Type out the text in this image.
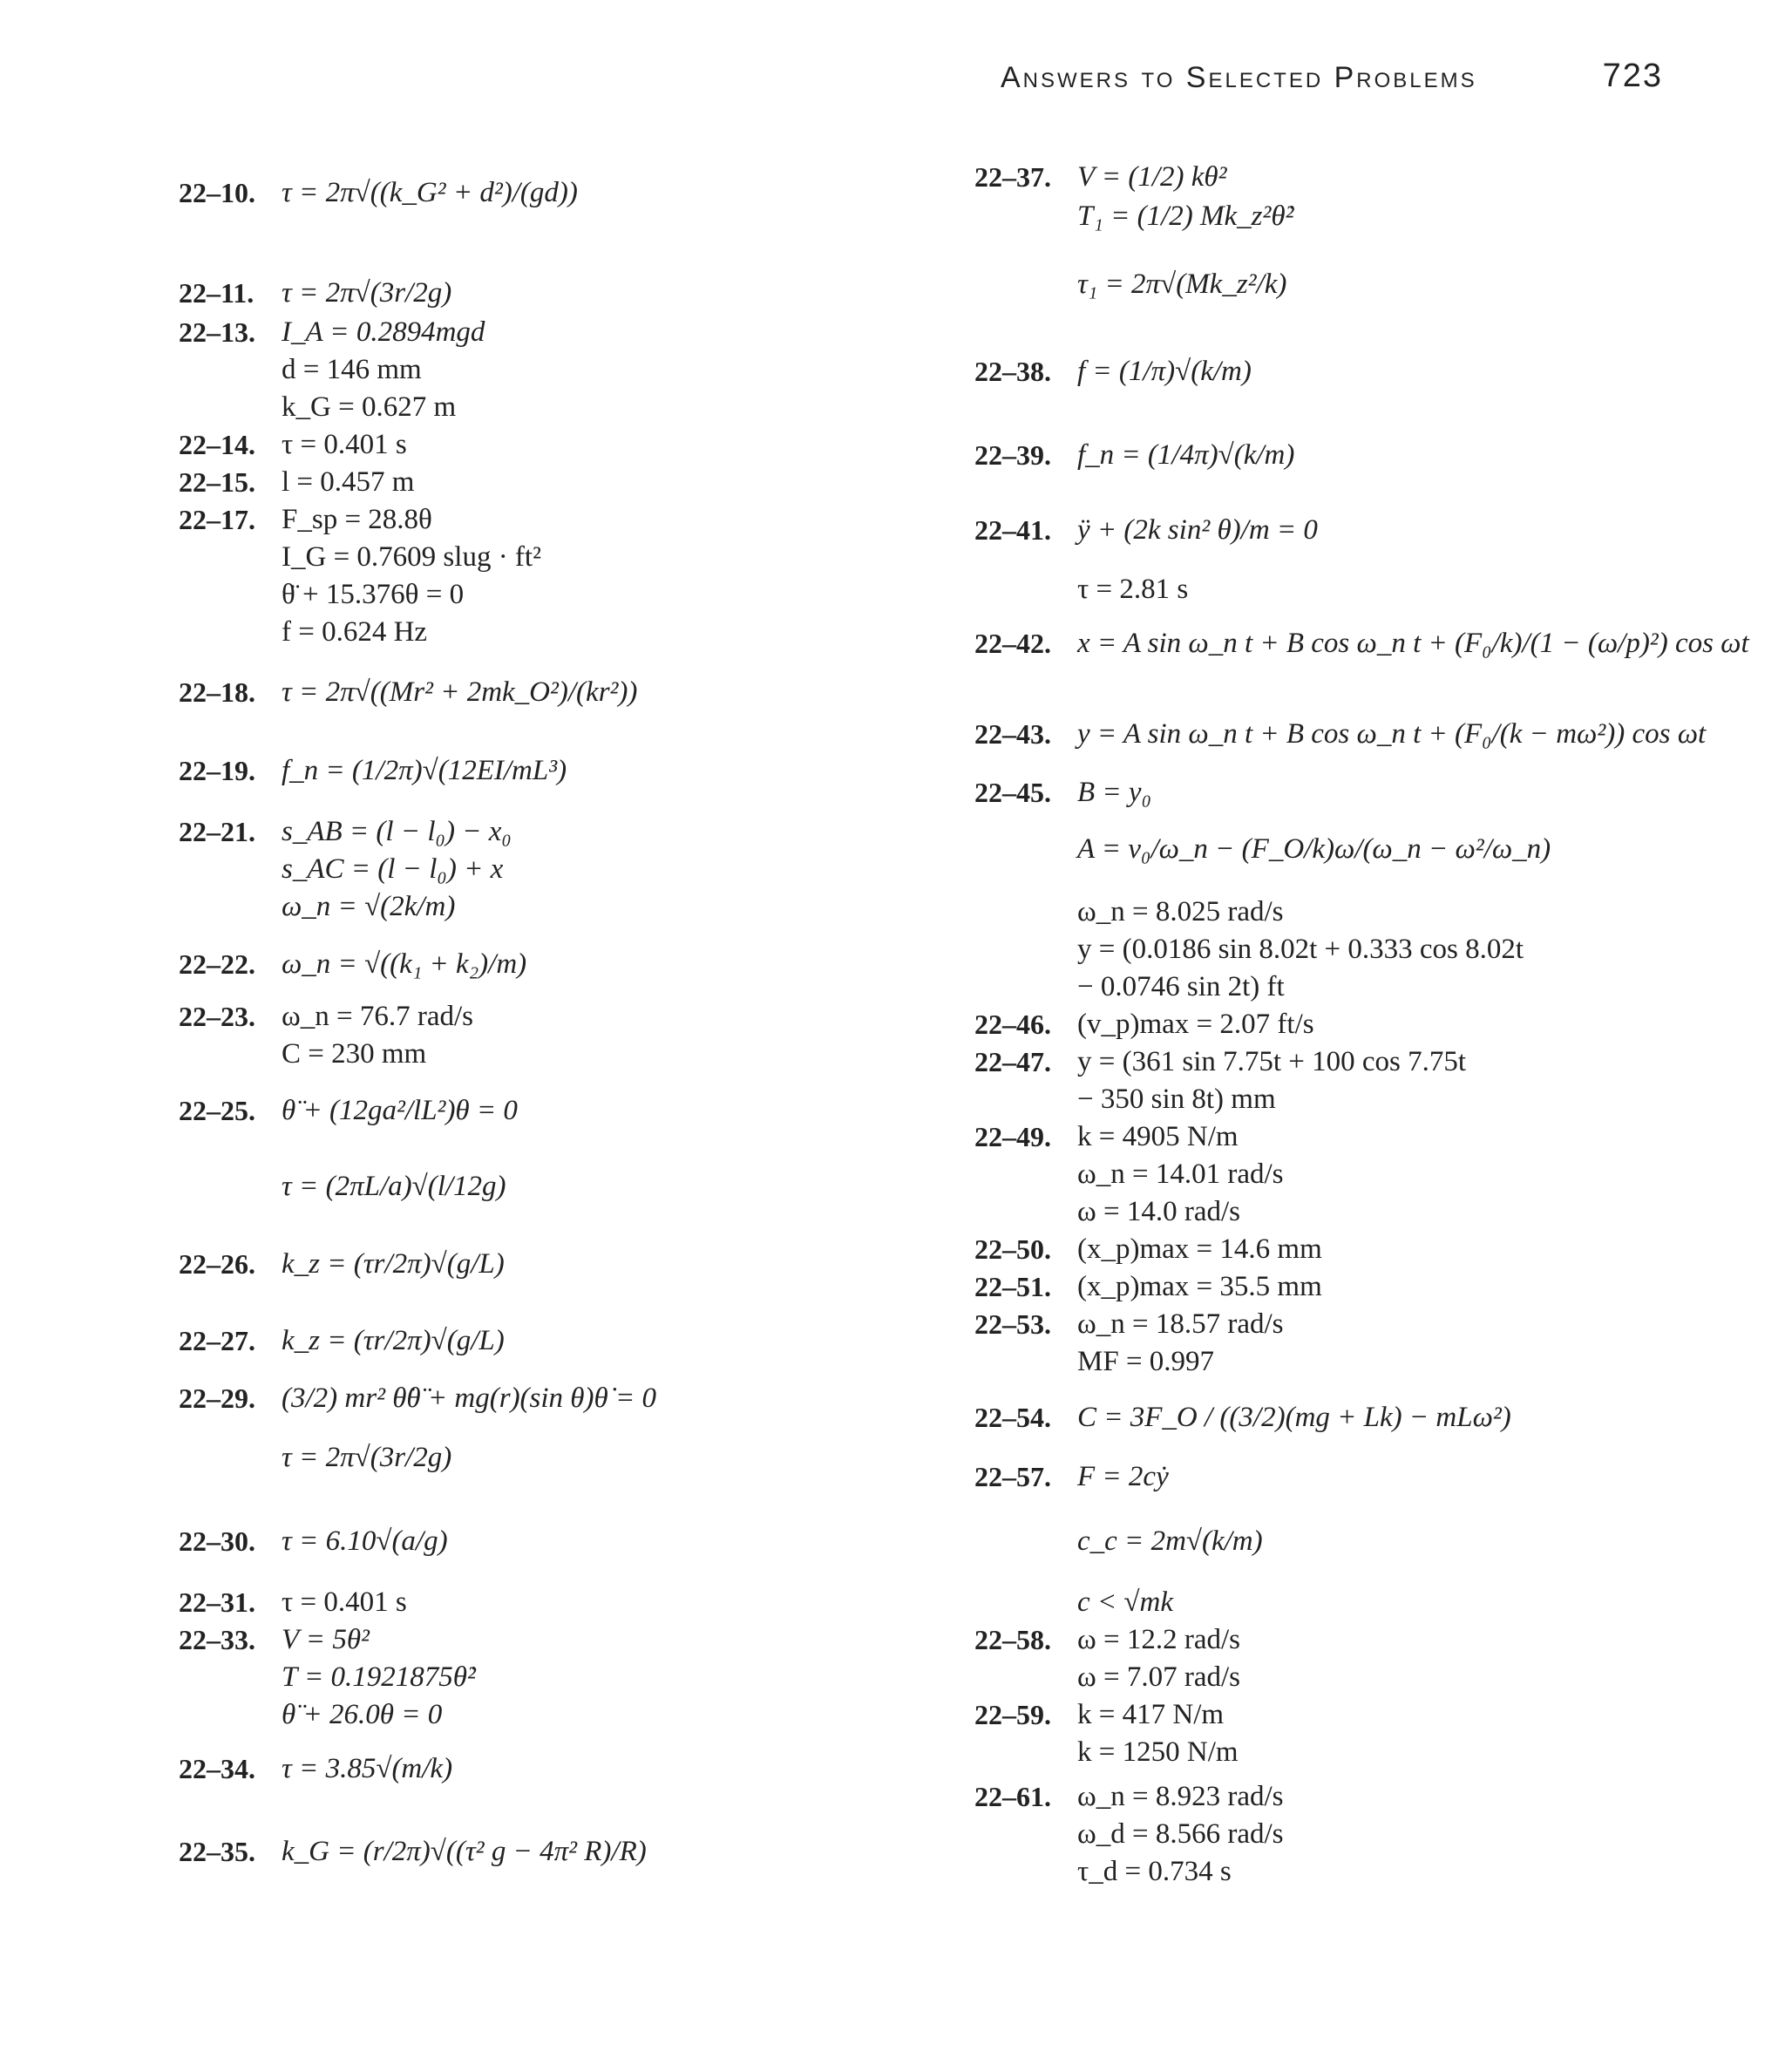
Answers to Selected Problems	723
22–10. τ = 2π√((k_G² + d²)/(gd))
22–11. τ = 2π√(3r/2g)
22–13. I_A = 0.2894mgd
d = 146 mm
k_G = 0.627 m
22–14. τ = 0.401 s
22–15. l = 0.457 m
22–17. F_sp = 28.8θ
I_G = 0.7609 slug · ft²
θ̈ + 15.376θ = 0
f = 0.624 Hz
22–18. τ = 2π√((Mr² + 2mk_O²)/(kr²))
22–19. f_n = (1/2π)√(12EI/mL³)
22–21. s_AB = (l − l₀) − x₀
s_AC = (l − l₀) + x
ω_n = √(2k/m)
22–22. ω_n = √((k₁ + k₂)/m)
22–23. ω_n = 76.7 rad/s
C = 230 mm
22–25. θ̈ + (12ga²/lL²)θ = 0
τ = (2πL/a)√(l/12g)
22–26. k_z = (τr/2π)√(g/L)
22–27. k_z = (τr/2π)√(g/L)
22–29. (3/2) mr² θ̇θ̈ + mg(r)(sin θ)θ̇ = 0
τ = 2π√(3r/2g)
22–30. τ = 6.10√(a/g)
22–31. τ = 0.401 s
22–33. V = 5θ²
T = 0.1921875θ̇²
θ̈ + 26.0θ = 0
22–34. τ = 3.85√(m/k)
22–35. k_G = (r/2π)√((τ² g − 4π² R)/R)
22–37. V = (1/2) kθ²
T₁ = (1/2) Mk_z²θ̇²
τ₁ = 2π√(Mk_z²/k)
22–38. f = (1/π)√(k/m)
22–39. f_n = (1/4π)√(k/m)
22–41. ÿ + (2k sin² θ)/m = 0
τ = 2.81 s
22–42. x = A sin ω_n t + B cos ω_n t + (F₀/k)/(1 − (ω/p)²) cos ωt
22–43. y = A sin ω_n t + B cos ω_n t + (F₀/(k − mω²)) cos ωt
22–45. B = y₀
A = v₀/ω_n − (F_O/k)ω/(ω_n − ω²/ω_n)
ω_n = 8.025 rad/s
y = (0.0186 sin 8.02t + 0.333 cos 8.02t
− 0.0746 sin 2t) ft
22–46. (v_p)max = 2.07 ft/s
22–47. y = (361 sin 7.75t + 100 cos 7.75t
− 350 sin 8t) mm
22–49. k = 4905 N/m
ω_n = 14.01 rad/s
ω = 14.0 rad/s
22–50. (x_p)max = 14.6 mm
22–51. (x_p)max = 35.5 mm
22–53. ω_n = 18.57 rad/s
MF = 0.997
22–54. C = 3F_O / ((3/2)(mg + Lk) − mLω²)
22–57. F = 2cẏ
c_c = 2m√(k/m)
c < √mk
22–58. ω = 12.2 rad/s
ω = 7.07 rad/s
22–59. k = 417 N/m
k = 1250 N/m
22–61. ω_n = 8.923 rad/s
ω_d = 8.566 rad/s
τ_d = 0.734 s
